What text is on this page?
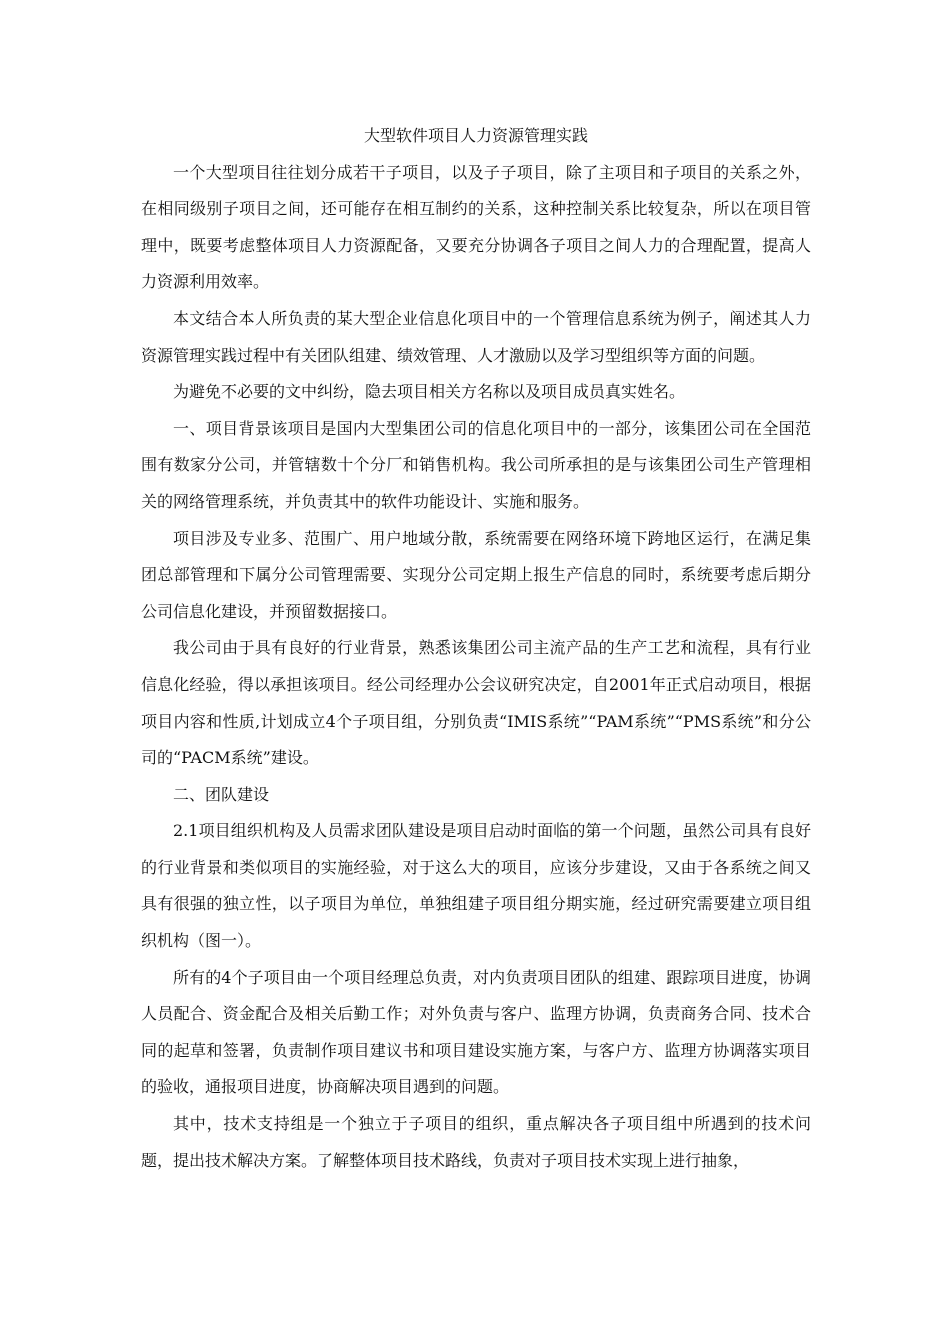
大型软件项目人力资源管理实践

一个大型项目往往划分成若干子项目，以及子子项目，除了主项目和子项目的关系之外，在相同级别子项目之间，还可能存在相互制约的关系，这种控制关系比较复杂，所以在项目管理中，既要考虑整体项目人力资源配备，又要充分协调各子项目之间人力的合理配置，提高人力资源利用效率。

本文结合本人所负责的某大型企业信息化项目中的一个管理信息系统为例子，阐述其人力资源管理实践过程中有关团队组建、绩效管理、人才激励以及学习型组织等方面的问题。

为避免不必要的文中纠纷，隐去项目相关方名称以及项目成员真实姓名。

一、项目背景该项目是国内大型集团公司的信息化项目中的一部分，该集团公司在全国范围有数家分公司，并管辖数十个分厂和销售机构。我公司所承担的是与该集团公司生产管理相关的网络管理系统，并负责其中的软件功能设计、实施和服务。

项目涉及专业多、范围广、用户地域分散，系统需要在网络环境下跨地区运行，在满足集团总部管理和下属分公司管理需要、实现分公司定期上报生产信息的同时，系统要考虑后期分公司信息化建设，并预留数据接口。

我公司由于具有良好的行业背景，熟悉该集团公司主流产品的生产工艺和流程，具有行业信息化经验，得以承担该项目。经公司经理办公会议研究决定，自2001年正式启动项目，根据项目内容和性质,计划成立4个子项目组，分别负责“IMIS系统”“PAM系统”“PMS系统”和分公司的“PACM系统”建设。

二、团队建设

2.1项目组织机构及人员需求团队建设是项目启动时面临的第一个问题，虽然公司具有良好的行业背景和类似项目的实施经验，对于这么大的项目，应该分步建设，又由于各系统之间又具有很强的独立性，以子项目为单位，单独组建子项目组分期实施，经过研究需要建立项目组织机构（图一）。

所有的4个子项目由一个项目经理总负责，对内负责项目团队的组建、跟踪项目进度，协调人员配合、资金配合及相关后勤工作；对外负责与客户、监理方协调，负责商务合同、技术合同的起草和签署，负责制作项目建议书和项目建设实施方案，与客户方、监理方协调落实项目的验收，通报项目进度，协商解决项目遇到的问题。

其中，技术支持组是一个独立于子项目的组织，重点解决各子项目组中所遇到的技术问题，提出技术解决方案。了解整体项目技术路线，负责对子项目技术实现上进行抽象，
